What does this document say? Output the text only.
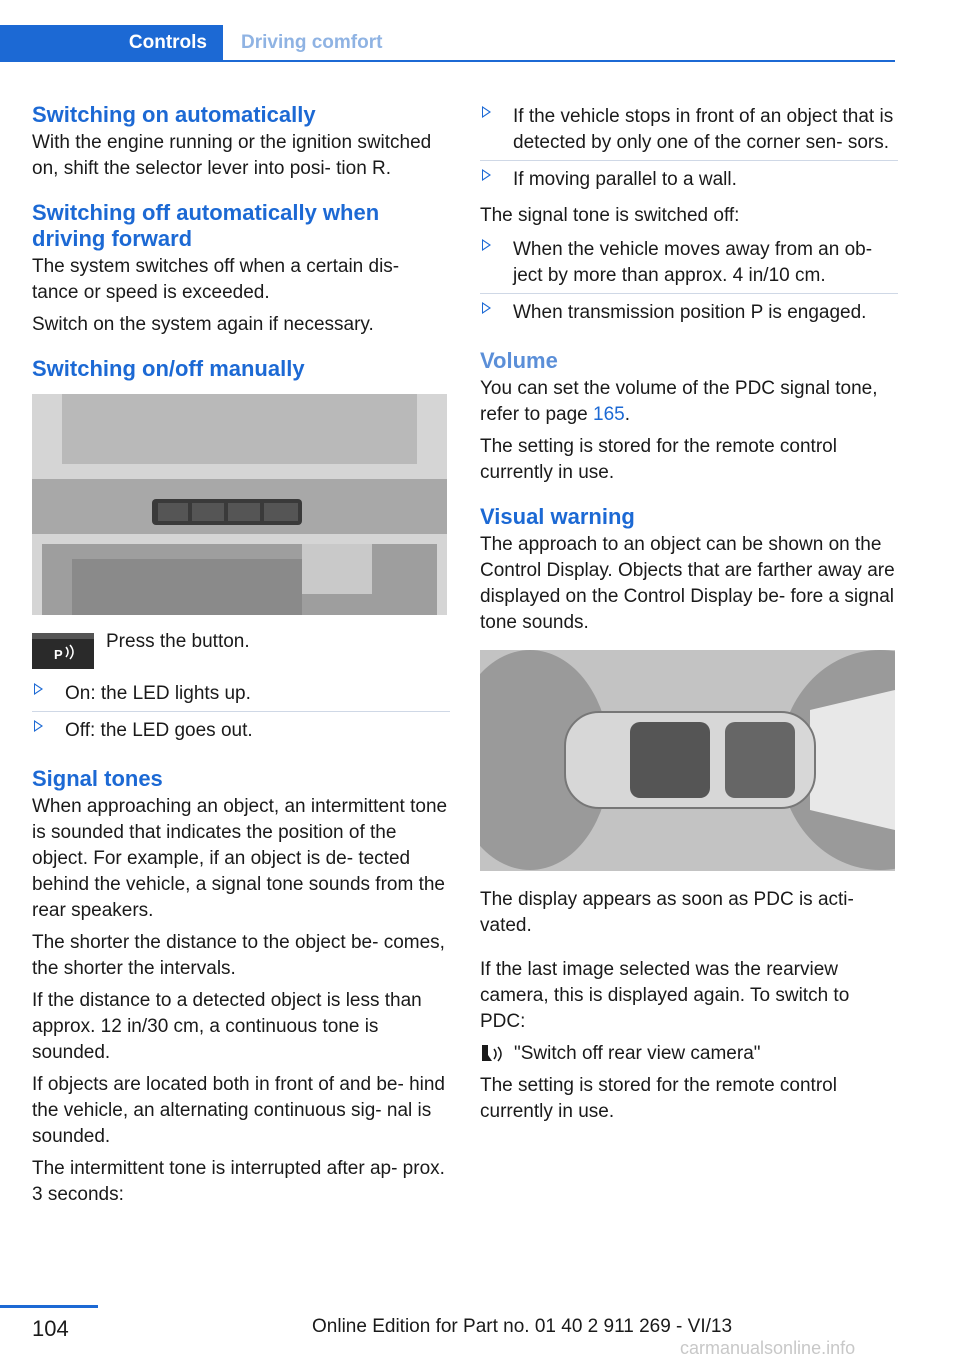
Controls Driving comfort
Switching on automatically

With the engine running or the ignition switched on, shift the selector lever into posi- tion R.

Switching off automatically when driving forward

The system switches off when a certain dis- tance or speed is exceeded.

Switch on the system again if necessary.

Switching on/off manually
P
Press the button.
On: the LED lights up.
Off: the LED goes out.
Signal tones

When approaching an object, an intermittent tone is sounded that indicates the position of the object. For example, if an object is de- tected behind the vehicle, a signal tone sounds from the rear speakers.

The shorter the distance to the object be- comes, the shorter the intervals.

If the distance to a detected object is less than approx. 12 in/30 cm, a continuous tone is sounded.

If objects are located both in front of and be- hind the vehicle, an alternating continuous sig- nal is sounded.

The intermittent tone is interrupted after ap- prox. 3 seconds:

If the vehicle stops in front of an object that is detected by only one of the corner sen- sors.
If moving parallel to a wall.

The signal tone is switched off:

When the vehicle moves away from an ob- ject by more than approx. 4 in/10 cm.
When transmission position P is engaged.
Volume

You can set the volume of the PDC signal tone, refer to page 165.

The setting is stored for the remote control currently in use.

Visual warning

The approach to an object can be shown on the Control Display. Objects that are farther away are displayed on the Control Display be- fore a signal tone sounds.

The display appears as soon as PDC is acti- vated.

If the last image selected was the rearview camera, this is displayed again. To switch to PDC:

"Switch off rear view camera"

The setting is stored for the remote control currently in use.

104	Online Edition for Part no. 01 40 2 911 269 - VI/13
carmanualsonline.info
